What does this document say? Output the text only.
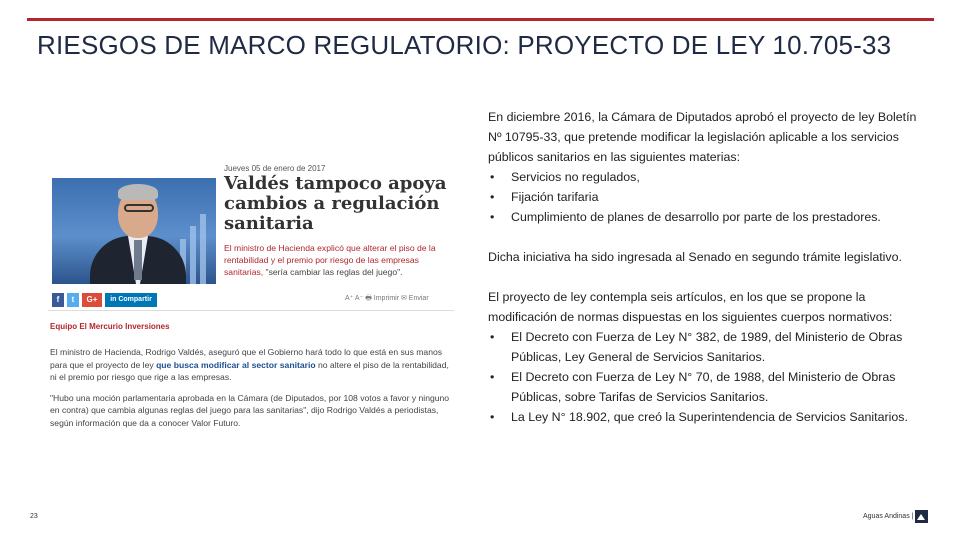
RIESGOS DE MARCO REGULATORIO: PROYECTO DE LEY 10.705-33
Jueves 05 de enero de 2017
Valdés tampoco apoya cambios a regulación sanitaria
El ministro de Hacienda explicó que alterar el piso de la rentabilidad y el premio por riesgo de las empresas sanitarias, "sería cambiar las reglas del juego".
f	t	G+	in Compartir	A⁺ A⁻ 🖶 Imprimir ✉ Enviar
Equipo El Mercurio Inversiones

El ministro de Hacienda, Rodrigo Valdés, aseguró que el Gobierno hará todo lo que está en sus manos para que el proyecto de ley que busca modificar al sector sanitario no altere el piso de la rentabilidad, ni el premio por riesgo que rige a las empresas.

"Hubo una moción parlamentaria aprobada en la Cámara (de Diputados, por 108 votos a favor y ninguno en contra) que cambia algunas reglas del juego para las sanitarias", dijo Rodrigo Valdés a periodistas, según información que da a conocer Valor Futuro.

En diciembre 2016, la Cámara de Diputados aprobó el proyecto de ley Boletín Nº 10795-33, que pretende modificar la legislación aplicable a los servicios públicos sanitarios en las siguientes materias:

• Servicios no regulados,
• Fijación tarifaria
• Cumplimiento de planes de desarrollo por parte de los prestadores.

Dicha iniciativa ha sido ingresada al Senado en segundo trámite legislativo.

El proyecto de ley contempla seis artículos, en los que se propone la modificación de normas dispuestas en los siguientes cuerpos normativos:

• El Decreto con Fuerza de Ley N° 382, de 1989, del Ministerio de Obras Públicas, Ley General de Servicios Sanitarios.
• El Decreto con Fuerza de Ley N° 70, de 1988, del Ministerio de Obras Públicas, sobre Tarifas de Servicios Sanitarios.
• La Ley N° 18.902, que creó la Superintendencia de Servicios Sanitarios.
23	Aguas Andinas |
